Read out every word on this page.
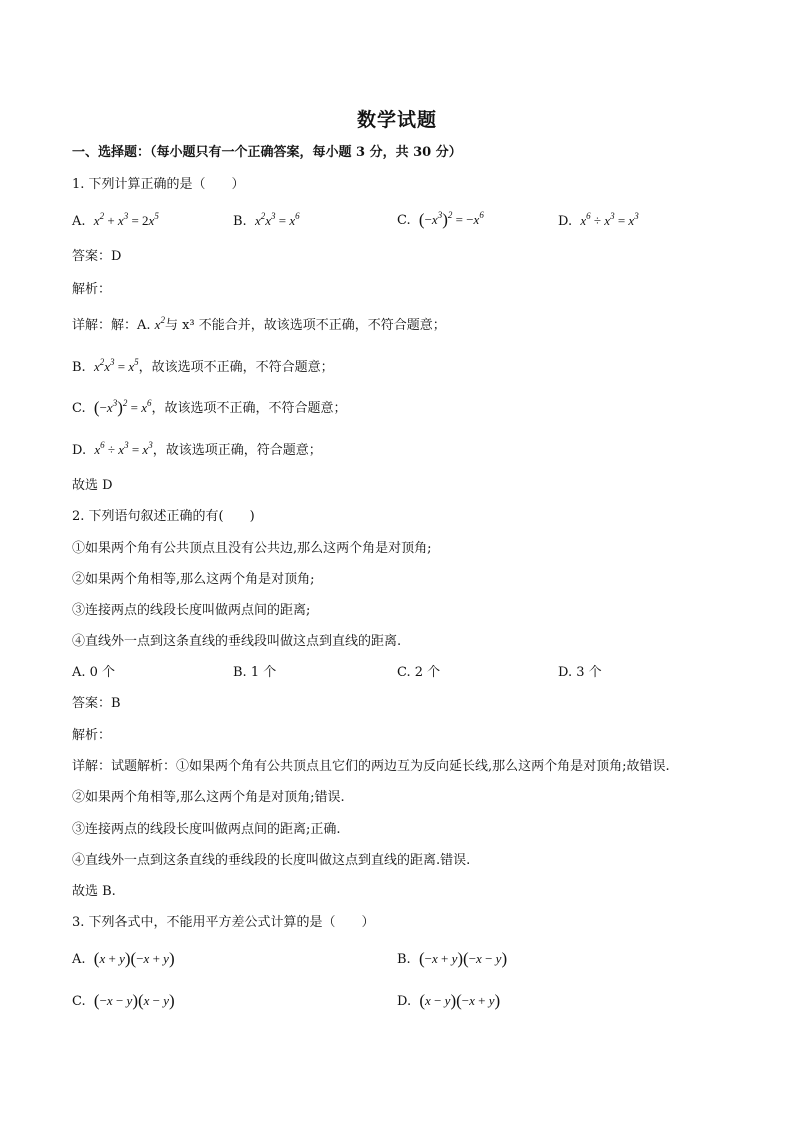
数学试题
一、选择题：（每小题只有一个正确答案，每小题 3 分，共 30 分）
1. 下列计算正确的是（　　）
A. $x^2 + x^3 = 2x^5$	B. $x^2x^3 = x^6$	C. $(-x^3)^2 = -x^6$	D. $x^6 \div x^3 = x^3$
答案：D
解析：
详解：解：A. $x^2$与 x³ 不能合并，故该选项不正确，不符合题意；
B. $x^2x^3 = x^5$，故该选项不正确，不符合题意；
C. $(-x^3)^2 = x^6$，故该选项不正确，不符合题意；
D. $x^6 \div x^3 = x^3$，故该选项正确，符合题意；
故选 D
2. 下列语句叙述正确的有(　　)
①如果两个角有公共顶点且没有公共边,那么这两个角是对顶角;
②如果两个角相等,那么这两个角是对顶角;
③连接两点的线段长度叫做两点间的距离;
④直线外一点到这条直线的垂线段叫做这点到直线的距离.
A. 0 个	B. 1 个	C. 2 个	D. 3 个
答案：B
解析：
详解：试题解析：①如果两个角有公共顶点且它们的两边互为反向延长线,那么这两个角是对顶角;故错误.
②如果两个角相等,那么这两个角是对顶角;错误.
③连接两点的线段长度叫做两点间的距离;正确.
④直线外一点到这条直线的垂线段的长度叫做这点到直线的距离.错误.
故选 B.
3. 下列各式中，不能用平方差公式计算的是（　　）
A. (x + y)(−x + y)	B. (−x + y)(−x − y)
C. (−x − y)(x − y)	D. (x − y)(−x + y)
